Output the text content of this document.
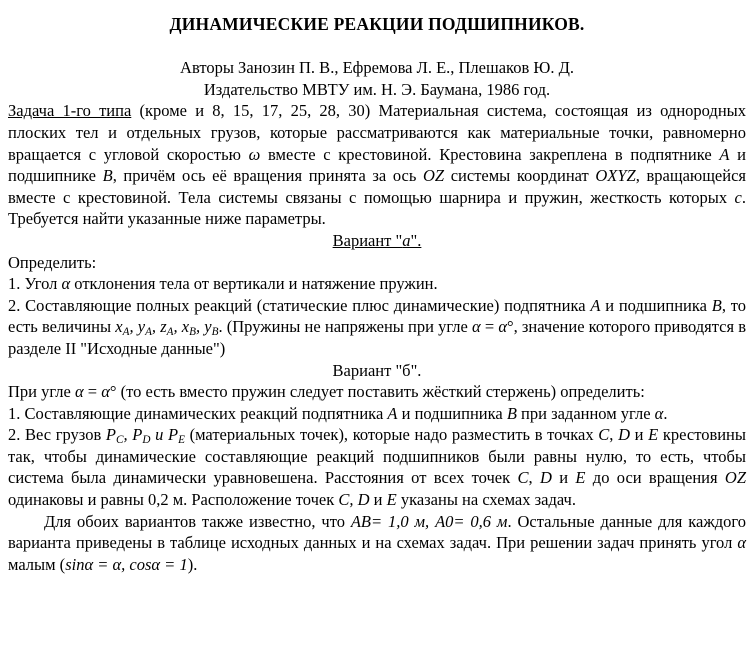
ДИНАМИЧЕСКИЕ РЕАКЦИИ ПОДШИПНИКОВ.

Авторы Занозин П. В., Ефремова Л. Е., Плешаков Ю. Д.

Издательство МВТУ им. Н. Э. Баумана, 1986 год.

Задача 1-го типа (кроме и 8, 15, 17, 25, 28, 30) Материальная система, состоящая из однородных плоских тел и отдельных грузов, которые рассматриваются как материальные точки, равномерно вращается с угловой скоростью ω вместе с крестовиной. Крестовина закреплена в подпятнике A и подшипнике B, причём ось её вращения принята за ось OZ системы координат OXYZ, вращающейся вместе с крестовиной. Тела системы связаны с помощью шарнира и пружин, жесткость которых c. Требуется найти указанные ниже параметры.

Вариант "a".

Определить:

1. Угол α отклонения тела от вертикали и натяжение пружин.

2. Составляющие полных реакций (статические плюс динамические) подпятника A и подшипника B, то есть величины $x_A$, $y_A$, $z_A$, $x_B$, $y_B$. (Пружины не напряжены при угле α = α°, значение которого приводятся в разделе II "Исходные данные")

Вариант "б".

При угле α = α° (то есть вместо пружин следует поставить жёсткий стержень) определить:

1. Составляющие динамических реакций подпятника A и подшипника B при заданном угле α.

2. Вес грузов $P_C$, $P_D$ и $P_E$ (материальных точек), которые надо разместить в точках C, D и E крестовины так, чтобы динамические составляющие реакций подшипников были равны нулю, то есть, чтобы система была динамически уравновешена. Расстояния от всех точек C, D и E до оси вращения OZ одинаковы и равны 0,2 м. Расположение точек C, D и E указаны на схемах задач.

Для обоих вариантов также известно, что AB= 1,0 м, A0= 0,6 м. Остальные данные для каждого варианта приведены в таблице исходных данных и на схемах задач. При решении задач принять угол α малым (sinα = α, cosα = 1).
